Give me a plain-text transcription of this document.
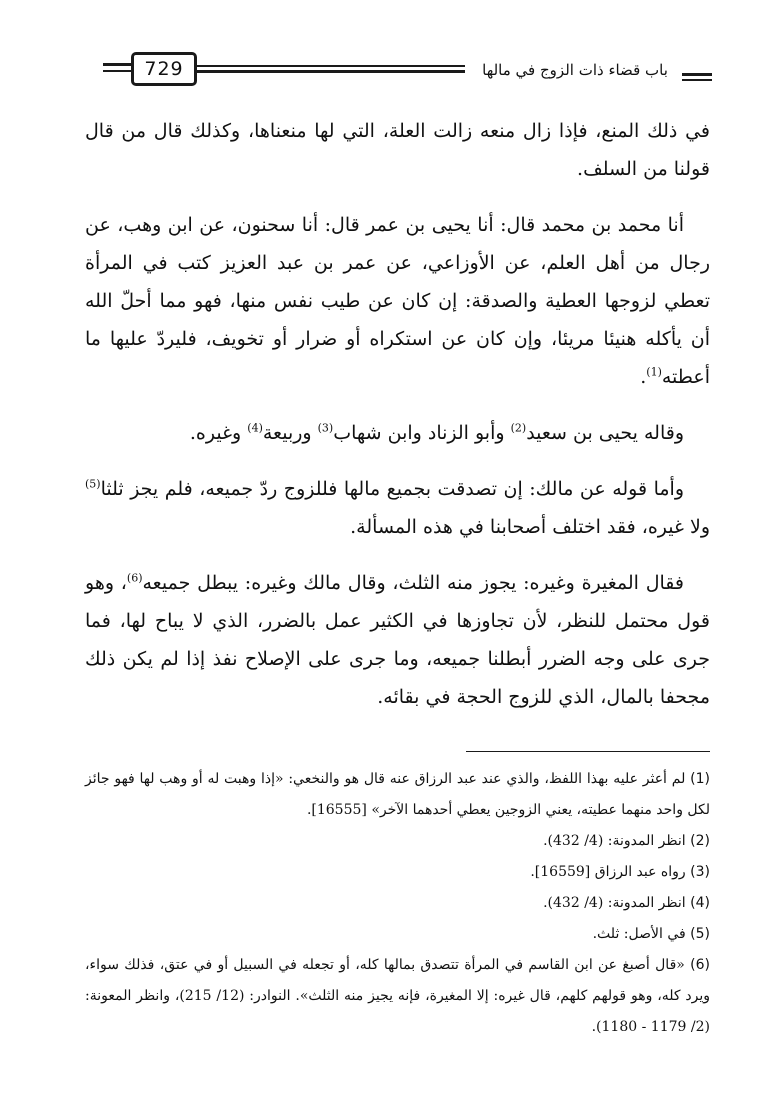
729	باب قضاء ذات الزوج في مالها

في ذلك المنع، فإذا زال منعه زالت العلة، التي لها منعناها، وكذلك قال من قال قولنا من السلف.

أنا محمد بن محمد قال: أنا يحيى بن عمر قال: أنا سحنون، عن ابن وهب، عن رجال من أهل العلم، عن الأوزاعي، عن عمر بن عبد العزيز كتب في المرأة تعطي لزوجها العطية والصدقة: إن كان عن طيب نفس منها، فهو مما أحلّ الله أن يأكله هنيئا مريئا، وإن كان عن استكراه أو ضرار أو تخويف، فليردّ عليها ما أعطته$^{(1)}$.

وقاله يحيى بن سعيد$^{(2)}$ وأبو الزناد وابن شهاب$^{(3)}$ وربيعة$^{(4)}$ وغيره.

وأما قوله عن مالك: إن تصدقت بجميع مالها فللزوج ردّ جميعه، فلم يجز ثلثا$^{(5)}$ ولا غيره، فقد اختلف أصحابنا في هذه المسألة.

فقال المغيرة وغيره: يجوز منه الثلث، وقال مالك وغيره: يبطل جميعه$^{(6)}$، وهو قول محتمل للنظر، لأن تجاوزها في الكثير عمل بالضرر، الذي لا يباح لها، فما جرى على وجه الضرر أبطلنا جميعه، وما جرى على الإصلاح نفذ إذا لم يكن ذلك مجحفا بالمال، الذي للزوج الحجة في بقائه.

(1) لم أعثر عليه بهذا اللفظ، والذي عند عبد الرزاق عنه قال هو والنخعي: «إذا وهبت له أو وهب لها فهو جائز لكل واحد منهما عطيته، يعني الزوجين يعطي أحدهما الآخر» [16555].
(2) انظر المدونة: (4/ 432).
(3) رواه عبد الرزاق [16559].
(4) انظر المدونة: (4/ 432).
(5) في الأصل: ثلث.
(6) «قال أصبغ عن ابن القاسم في المرأة تتصدق بمالها كله، أو تجعله في السبيل أو في عتق، فذلك سواء، ويرد كله، وهو قولهم كلهم، قال غيره: إلا المغيرة، فإنه يجيز منه الثلث». النوادر: (12/ 215)، وانظر المعونة: (2/ 1179 - 1180).
